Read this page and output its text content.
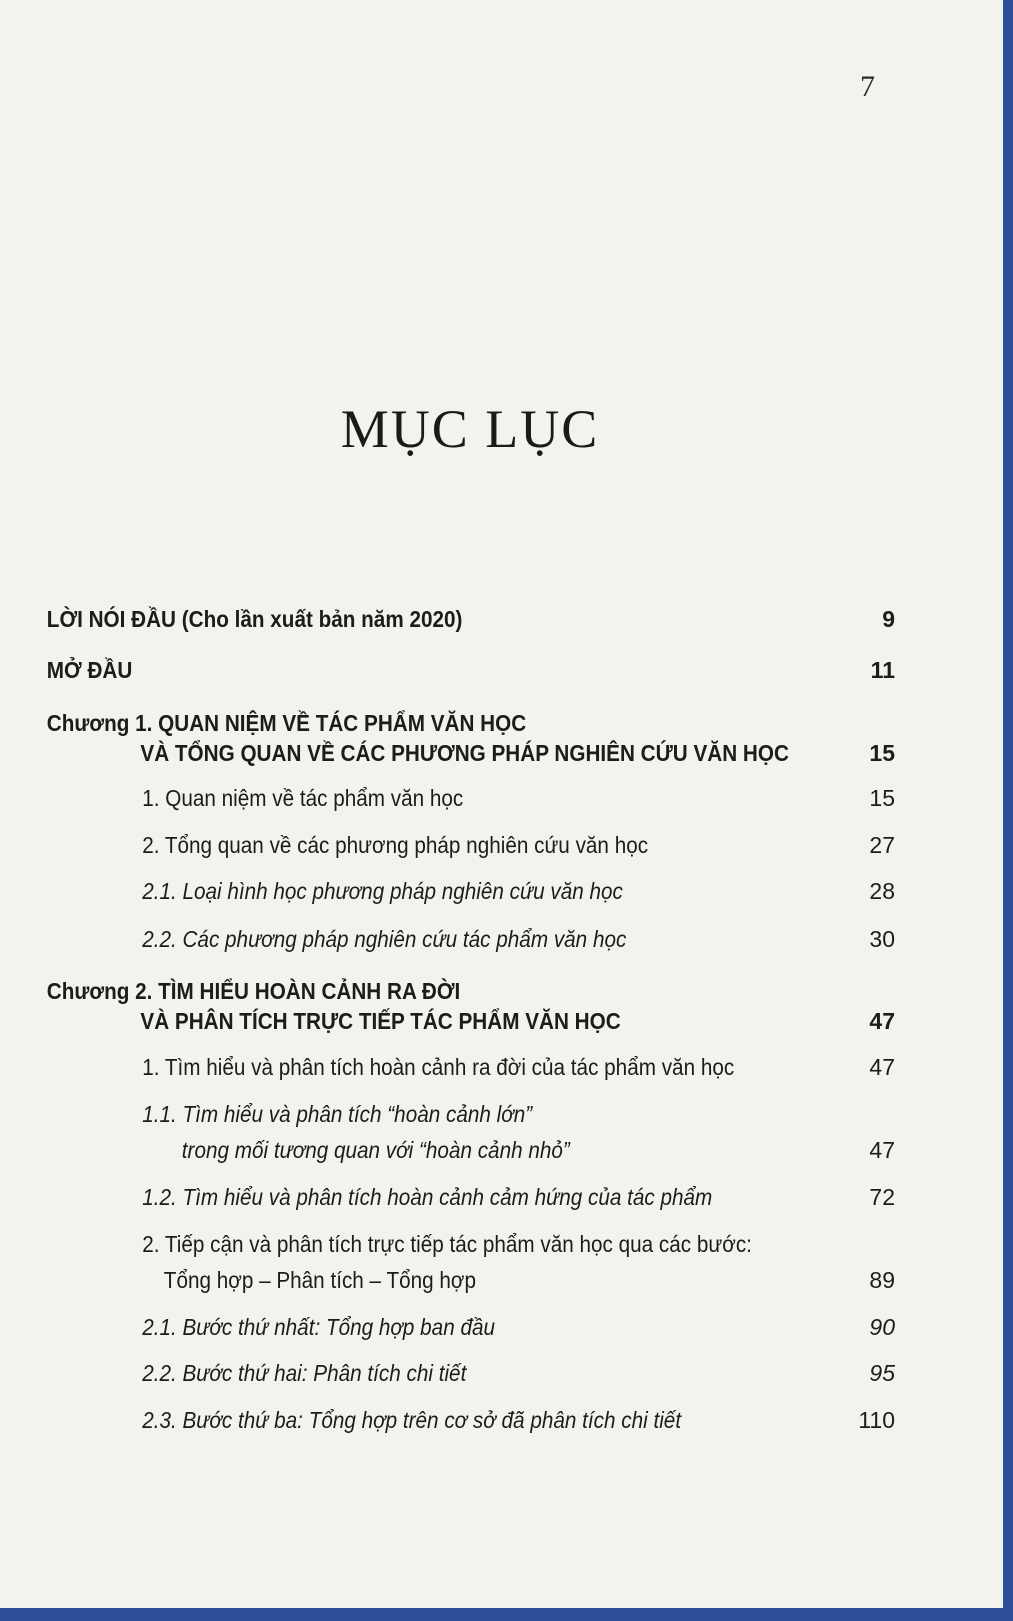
7
MỤC LỤC
LỜI NÓI ĐẦU (Cho lần xuất bản năm 2020)
MỞ ĐẦU
Chương 1. QUAN NIỆM VỀ TÁC PHẨM VĂN HỌC
VÀ TỔNG QUAN VỀ CÁC PHƯƠNG PHÁP NGHIÊN CỨU VĂN HỌC
1. Quan niệm về tác phẩm văn học
2. Tổng quan về các phương pháp nghiên cứu văn học
2.1. Loại hình học phương pháp nghiên cứu văn học
2.2. Các phương pháp nghiên cứu tác phẩm văn học
Chương 2. TÌM HIỂU HOÀN CẢNH RA ĐỜI
VÀ PHÂN TÍCH TRỰC TIẾP TÁC PHẨM VĂN HỌC
1. Tìm hiểu và phân tích hoàn cảnh ra đời của tác phẩm văn học
1.1. Tìm hiểu và phân tích “hoàn cảnh lớn”
trong mối tương quan với “hoàn cảnh nhỏ”
1.2. Tìm hiểu và phân tích hoàn cảnh cảm hứng của tác phẩm
2. Tiếp cận và phân tích trực tiếp tác phẩm văn học qua các bước:
Tổng hợp – Phân tích – Tổng hợp
2.1. Bước thứ nhất: Tổng hợp ban đầu
2.2. Bước thứ hai: Phân tích chi tiết
2.3. Bước thứ ba: Tổng hợp trên cơ sở đã phân tích chi tiết
9
11
15
15
27
28
30
47
47
47
72
89
90
95
110
